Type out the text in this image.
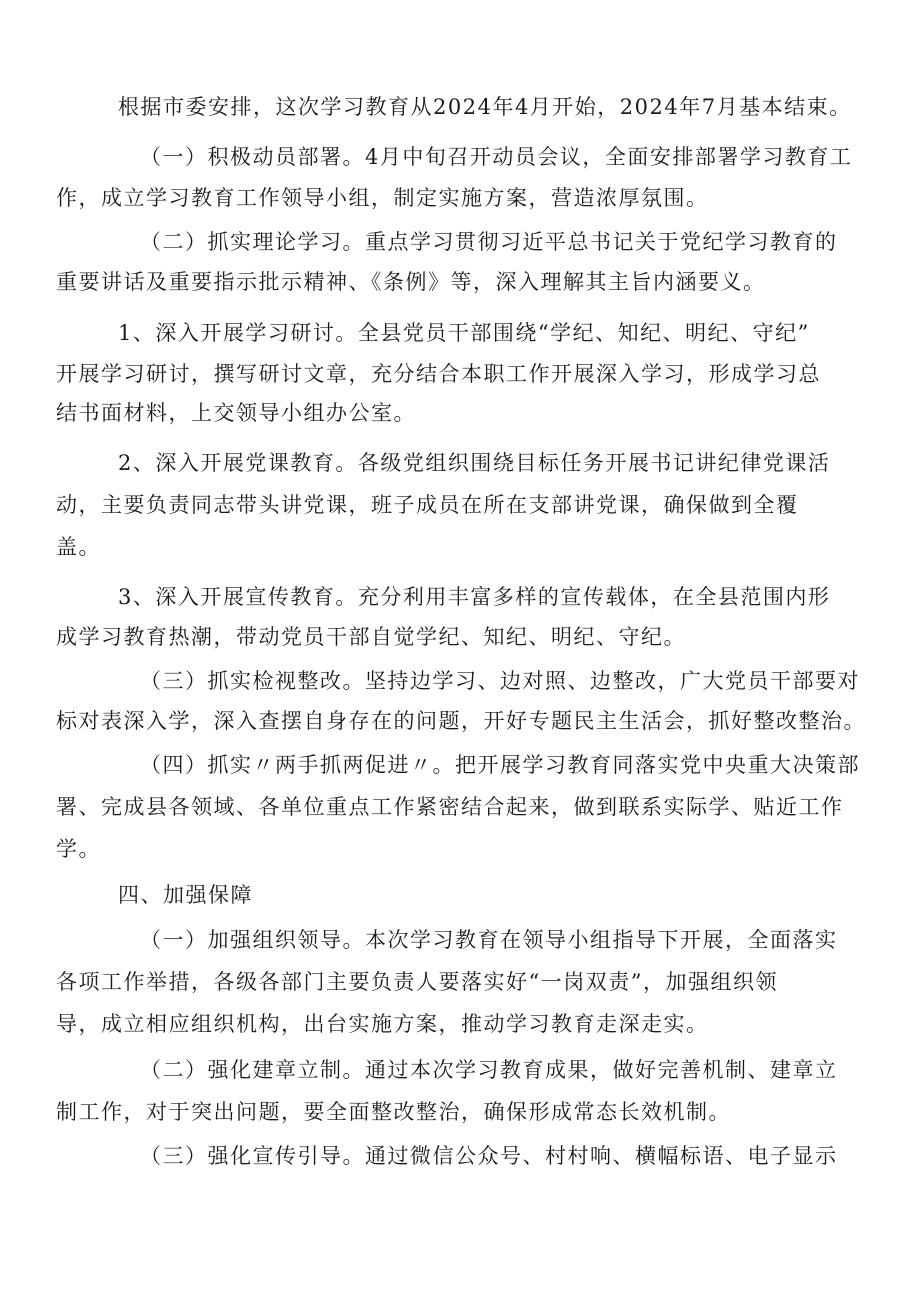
根据市委安排，这次学习教育从2024年4月开始，2024年7月基本结束。

（一）积极动员部署。4月中旬召开动员会议，全面安排部署学习教育工

作，成立学习教育工作领导小组，制定实施方案，营造浓厚氛围。

（二）抓实理论学习。重点学习贯彻习近平总书记关于党纪学习教育的

重要讲话及重要指示批示精神、《条例》等，深入理解其主旨内涵要义。

1、深入开展学习研讨。全县党员干部围绕“学纪、知纪、明纪、守纪”

开展学习研讨，撰写研讨文章，充分结合本职工作开展深入学习，形成学习总

结书面材料，上交领导小组办公室。

2、深入开展党课教育。各级党组织围绕目标任务开展书记讲纪律党课活

动，主要负责同志带头讲党课，班子成员在所在支部讲党课，确保做到全覆

盖。

3、深入开展宣传教育。充分利用丰富多样的宣传载体，在全县范围内形

成学习教育热潮，带动党员干部自觉学纪、知纪、明纪、守纪。

（三）抓实检视整改。坚持边学习、边对照、边整改，广大党员干部要对

标对表深入学，深入查摆自身存在的问题，开好专题民主生活会，抓好整改整治。

（四）抓实〃两手抓两促进〃。把开展学习教育同落实党中央重大决策部

署、完成县各领域、各单位重点工作紧密结合起来，做到联系实际学、贴近工作

学。

四、加强保障

（一）加强组织领导。本次学习教育在领导小组指导下开展，全面落实

各项工作举措，各级各部门主要负责人要落实好“一岗双责”，加强组织领

导，成立相应组织机构，出台实施方案，推动学习教育走深走实。

（二）强化建章立制。通过本次学习教育成果，做好完善机制、建章立

制工作，对于突出问题，要全面整改整治，确保形成常态长效机制。

（三）强化宣传引导。通过微信公众号、村村响、横幅标语、电子显示
